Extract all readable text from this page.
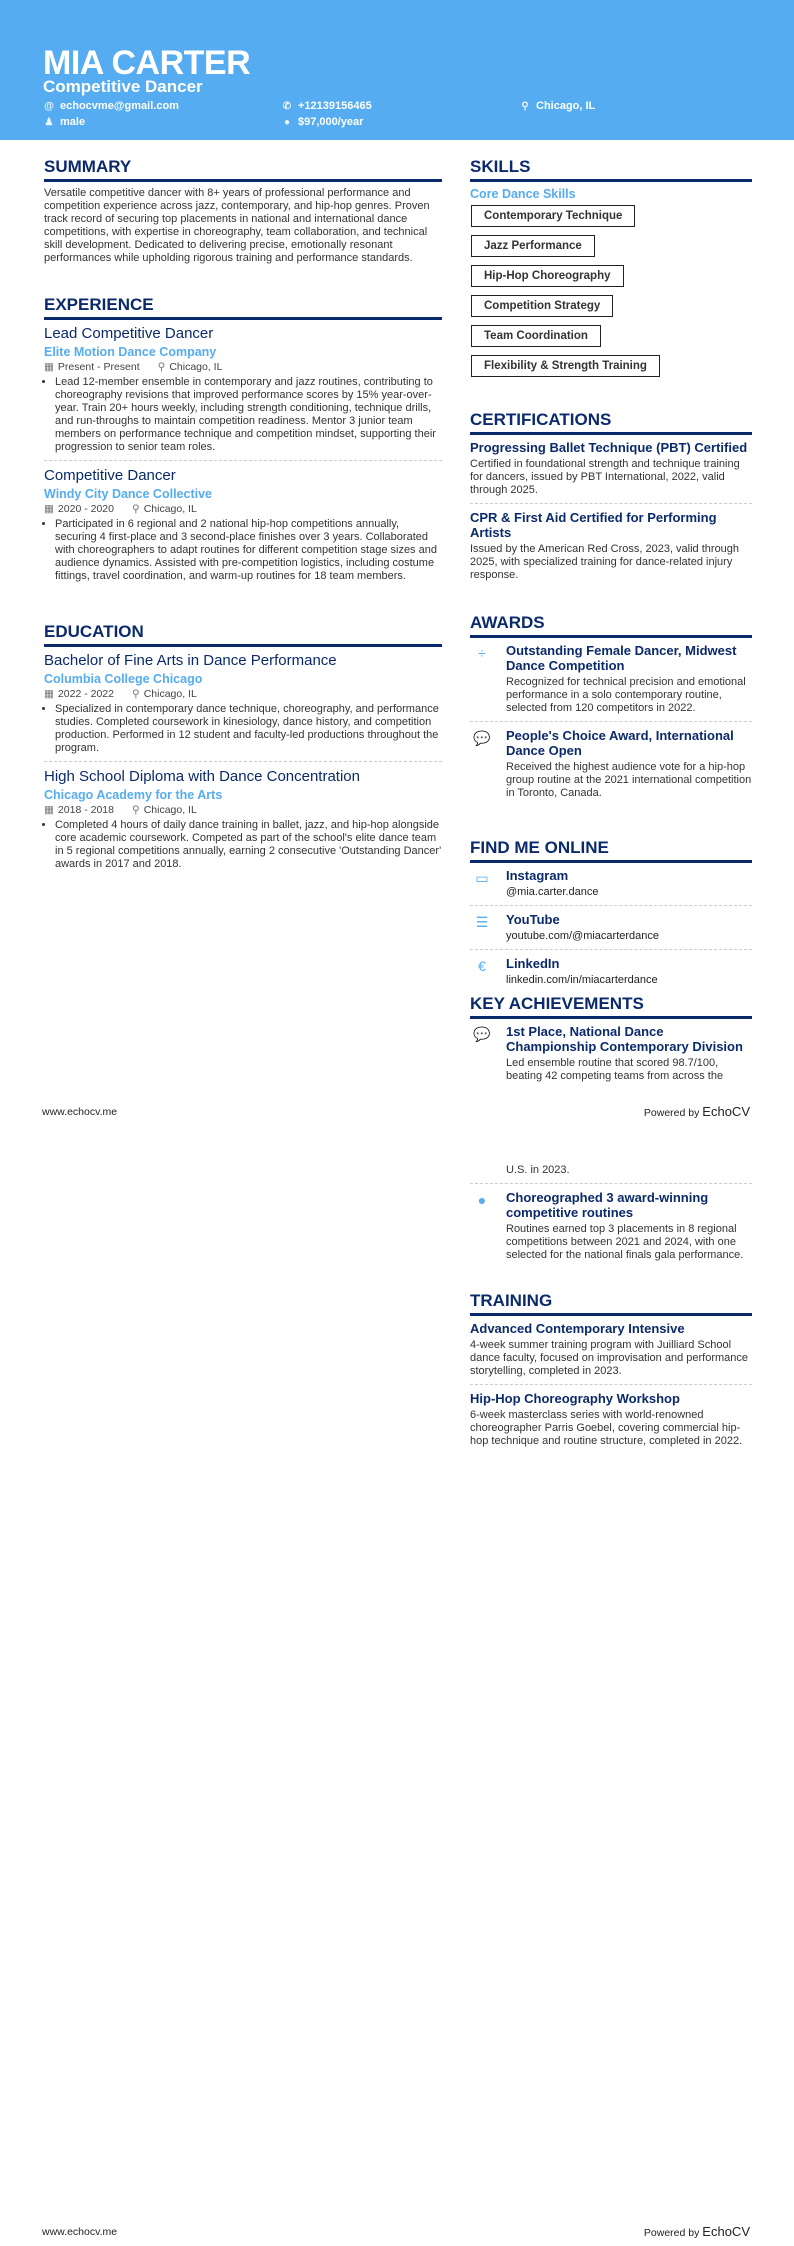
MIA CARTER
Competitive Dancer
@ echocvme@gmail.com	✆ +12139156465	⚲ Chicago, IL
♟ male	● $97,000/year
SUMMARY

Versatile competitive dancer with 8+ years of professional performance and competition experience across jazz, contemporary, and hip-hop genres. Proven track record of securing top placements in national and international dance competitions, with expertise in choreography, team collaboration, and technical skill development. Dedicated to delivering precise, emotionally resonant performances while upholding rigorous training and performance standards.

EXPERIENCE
Lead Competitive Dancer
Elite Motion Dance Company
▦ Present - Present ⚲ Chicago, IL
• Lead 12-member ensemble in contemporary and jazz routines, contributing to choreography revisions that improved performance scores by 15% year-over-year. Train 20+ hours weekly, including strength conditioning, technique drills, and run-throughs to maintain competition readiness. Mentor 3 junior team members on performance technique and competition mindset, supporting their progression to senior team roles.
Competitive Dancer
Windy City Dance Collective
▦ 2020 - 2020 ⚲ Chicago, IL
• Participated in 6 regional and 2 national hip-hop competitions annually, securing 4 first-place and 3 second-place finishes over 3 years. Collaborated with choreographers to adapt routines for different competition stage sizes and audience dynamics. Assisted with pre-competition logistics, including costume fittings, travel coordination, and warm-up routines for 18 team members.
EDUCATION
Bachelor of Fine Arts in Dance Performance
Columbia College Chicago
▦ 2022 - 2022 ⚲ Chicago, IL
• Specialized in contemporary dance technique, choreography, and performance studies. Completed coursework in kinesiology, dance history, and competition production. Performed in 12 student and faculty-led productions throughout the program.
High School Diploma with Dance Concentration
Chicago Academy for the Arts
▦ 2018 - 2018 ⚲ Chicago, IL
• Completed 4 hours of daily dance training in ballet, jazz, and hip-hop alongside core academic coursework. Competed as part of the school's elite dance team in 5 regional competitions annually, earning 2 consecutive 'Outstanding Dancer' awards in 2017 and 2018.
SKILLS
Core Dance Skills
Contemporary Technique
Jazz Performance
Hip-Hop Choreography
Competition Strategy
Team Coordination
Flexibility & Strength Training
CERTIFICATIONS
Progressing Ballet Technique (PBT) Certified

Certified in foundational strength and technique training for dancers, issued by PBT International, 2022, valid through 2025.

CPR & First Aid Certified for Performing Artists

Issued by the American Red Cross, 2023, valid through 2025, with specialized training for dance-related injury response.

AWARDS
÷	Outstanding Female Dancer, Midwest Dance Competition

Recognized for technical precision and emotional performance in a solo contemporary routine, selected from 120 competitors in 2022.

💬 People's Choice Award, International Dance Open

Received the highest audience vote for a hip-hop group routine at the 2021 international competition in Toronto, Canada.

FIND ME ONLINE
▭	Instagram

@mia.carter.dance

☰	YouTube

youtube.com/@miacarterdance

€	LinkedIn

linkedin.com/in/miacarterdance

KEY ACHIEVEMENTS
💬 1st Place, National Dance Championship Contemporary Division

Led ensemble routine that scored 98.7/100, beating 42 competing teams from across the

www.echocv.me	Powered by EchoCV

U.S. in 2023.

●	Choreographed 3 award-winning competitive routines

Routines earned top 3 placements in 8 regional competitions between 2021 and 2024, with one selected for the national finals gala performance.

TRAINING
Advanced Contemporary Intensive

4-week summer training program with Juilliard School dance faculty, focused on improvisation and performance storytelling, completed in 2023.

Hip-Hop Choreography Workshop

6-week masterclass series with world-renowned choreographer Parris Goebel, covering commercial hip-hop technique and routine structure, completed in 2022.

www.echocv.me	Powered by EchoCV
